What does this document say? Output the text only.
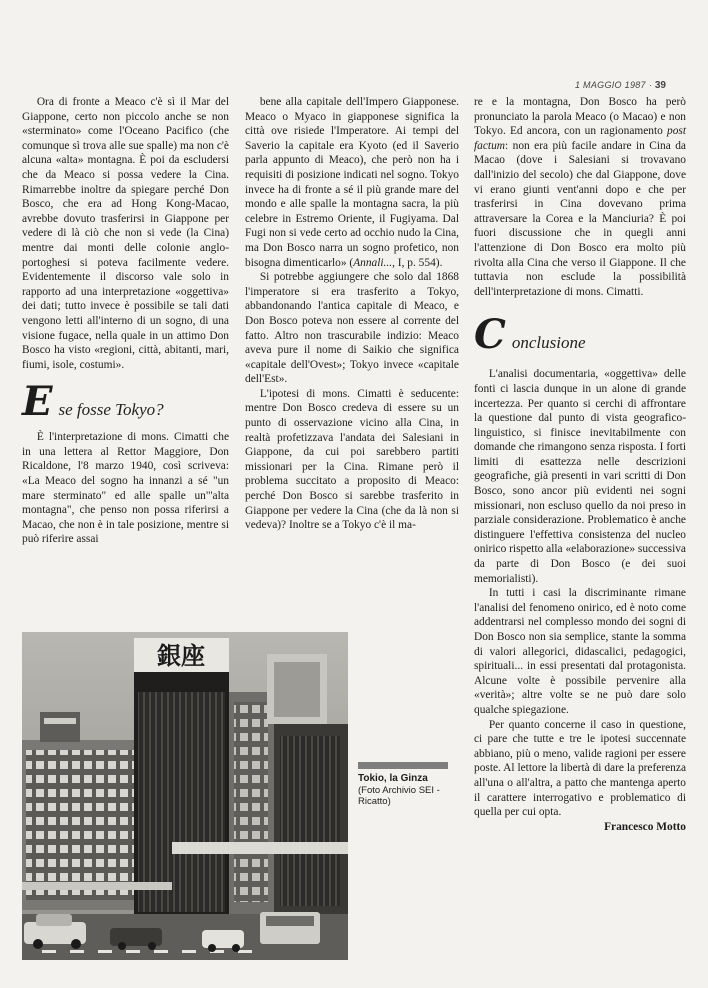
1 MAGGIO 1987 · 39

Ora di fronte a Meaco c'è sì il Mar del Giappone, certo non piccolo anche se non «sterminato» come l'Oceano Pacifico (che comunque sì trova alle sue spalle) ma non c'è alcuna «alta» montagna. È poi da escludersi che da Meaco si possa vedere la Cina. Rimarrebbe inoltre da spiegare perché Don Bosco, che era ad Hong Kong-Macao, avrebbe dovuto trasferirsi in Giappone per vedere di là ciò che non si vede (la Cina) mentre dai monti delle colonie anglo-portoghesi si poteva facilmente vedere. Evidentemente il discorso vale solo in rapporto ad una interpretazione «oggettiva» dei dati; tutto invece è possibile se tali dati vengono letti all'interno di un sogno, di una visione fugace, nella quale in un attimo Don Bosco ha visto «regioni, città, abitanti, mari, fiumi, isole, costumi».

E se fosse Tokyo?

È l'interpretazione di mons. Cimatti che in una lettera al Rettor Maggiore, Don Ricaldone, l'8 marzo 1940, così scriveva: «La Meaco del sogno ha innanzi a sé "un mare sterminato" ed alle spalle un"'alta montagna", che penso non possa riferirsi a Macao, che non è in tale posizione, mentre si può riferire assai

bene alla capitale dell'Impero Giapponese. Meaco o Myaco in giapponese significa la città ove risiede l'Imperatore. Ai tempi del Saverio la capitale era Kyoto (ed il Saverio parla appunto di Meaco), che però non ha i requisiti di posizione indicati nel sogno. Tokyo invece ha di fronte a sé il più grande mare del mondo e alle spalle la montagna sacra, la più celebre in Estremo Oriente, il Fugiyama. Dal Fugi non si vede certo ad occhio nudo la Cina, ma Don Bosco narra un sogno profetico, non bisogna dimenticarlo» (Annali..., I, p. 554).

Si potrebbe aggiungere che solo dal 1868 l'imperatore si era trasferito a Tokyo, abbandonando l'antica capitale di Meaco, e Don Bosco poteva non essere al corrente del fatto. Altro non trascurabile indizio: Meaco aveva pure il nome di Saikio che significa «capitale dell'Ovest»; Tokyo invece «capitale dell'Est».

L'ipotesi di mons. Cimatti è seducente: mentre Don Bosco credeva di essere su un punto di osservazione vicino alla Cina, in realtà profetizzava l'andata dei Salesiani in Giappone, da cui poi sarebbero partiti missionari per la Cina. Rimane però il problema succitato a proposito di Meaco: perché Don Bosco si sarebbe trasferito in Giappone per vedere la Cina (che da là non si vedeva)? Inoltre se a Tokyo c'è il ma-

re e la montagna, Don Bosco ha però pronunciato la parola Meaco (o Macao) e non Tokyo. Ed ancora, con un ragionamento post factum: non era più facile andare in Cina da Macao (dove i Salesiani si trovavano dall'inizio del secolo) che dal Giappone, dove vi erano giunti vent'anni dopo e che per trasferirsi in Cina dovevano prima attraversare la Corea e la Manciuria? È poi fuori discussione che in quegli anni l'attenzione di Don Bosco era molto più rivolta alla Cina che verso il Giappone. Il che tuttavia non esclude la possibilità dell'interpretazione di mons. Cimatti.

C onclusione

L'analisi documentaria, «oggettiva» delle fonti ci lascia dunque in un alone di grande incertezza. Per quanto si cerchi di affrontare la questione dal punto di vista geografico-linguistico, si finisce inevitabilmente con domande che rimangono senza risposta. I forti limiti di esattezza nelle descrizioni geografiche, già presenti in vari scritti di Don Bosco, sono ancor più evidenti nei sogni missionari, non escluso quello da noi preso in parziale considerazione. Problematico è anche distinguere l'effettiva consistenza del nucleo onirico rispetto alla «elaborazione» successiva da parte di Don Bosco (e dei suoi memorialisti).

In tutti i casi la discriminante rimane l'analisi del fenomeno onirico, ed è noto come addentrarsi nel complesso mondo dei sogni di Don Bosco non sia semplice, stante la somma di valori allegorici, didascalici, pedagogici, spirituali... in essi presentati dal protagonista. Alcune volte è possibile pervenire alla «verità»; altre volte se ne può dare solo qualche spiegazione.

Per quanto concerne il caso in questione, ci pare che tutte e tre le ipotesi succennate abbiano, più o meno, valide ragioni per essere poste. Al lettore la libertà di dare la preferenza all'una o all'altra, a patto che mantenga aperto il carattere interrogativo e problematico di quella per cui opta.

Francesco Motto

銀座
Tokio, la Ginza
(Foto Archivio SEI - Ricatto)
